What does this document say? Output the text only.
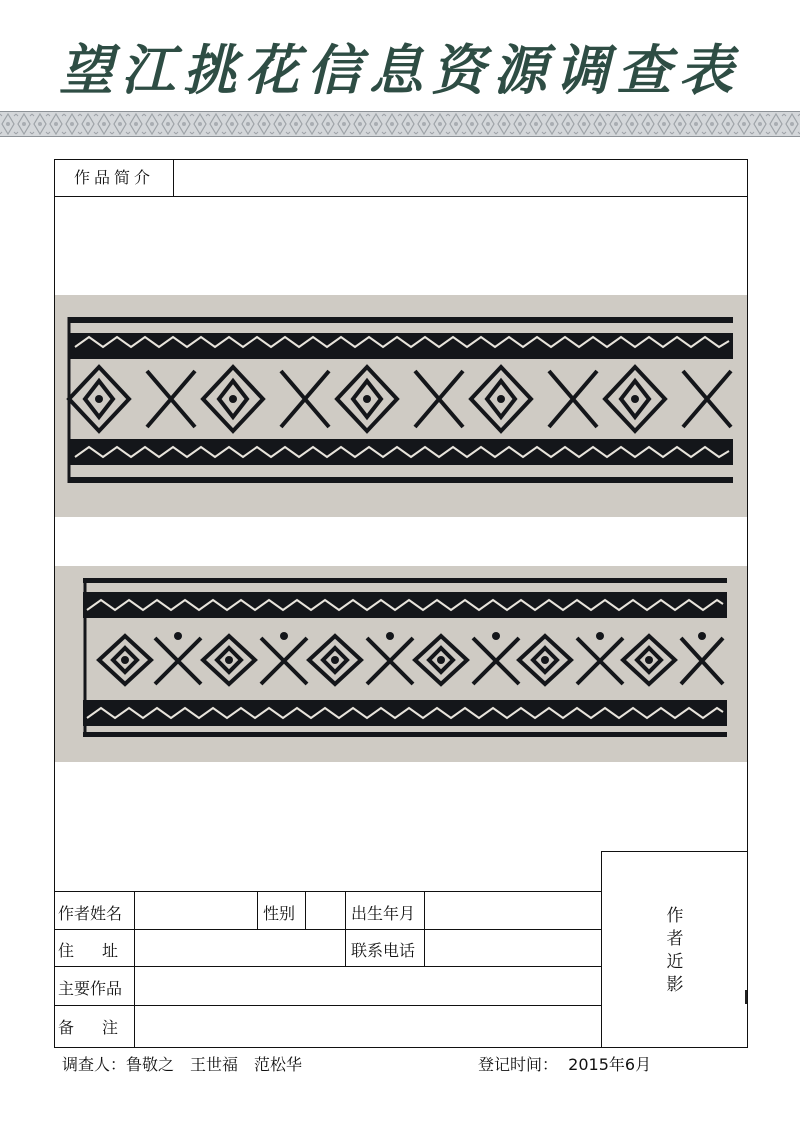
望江挑花信息资源调查表
作品简介
作者姓名	性别	出生年月
住　址	联系电话
主要作品
备　注
作
者
近
影
调查人：鲁敬之　王世福　范松华	登记时间：  2015年6月
